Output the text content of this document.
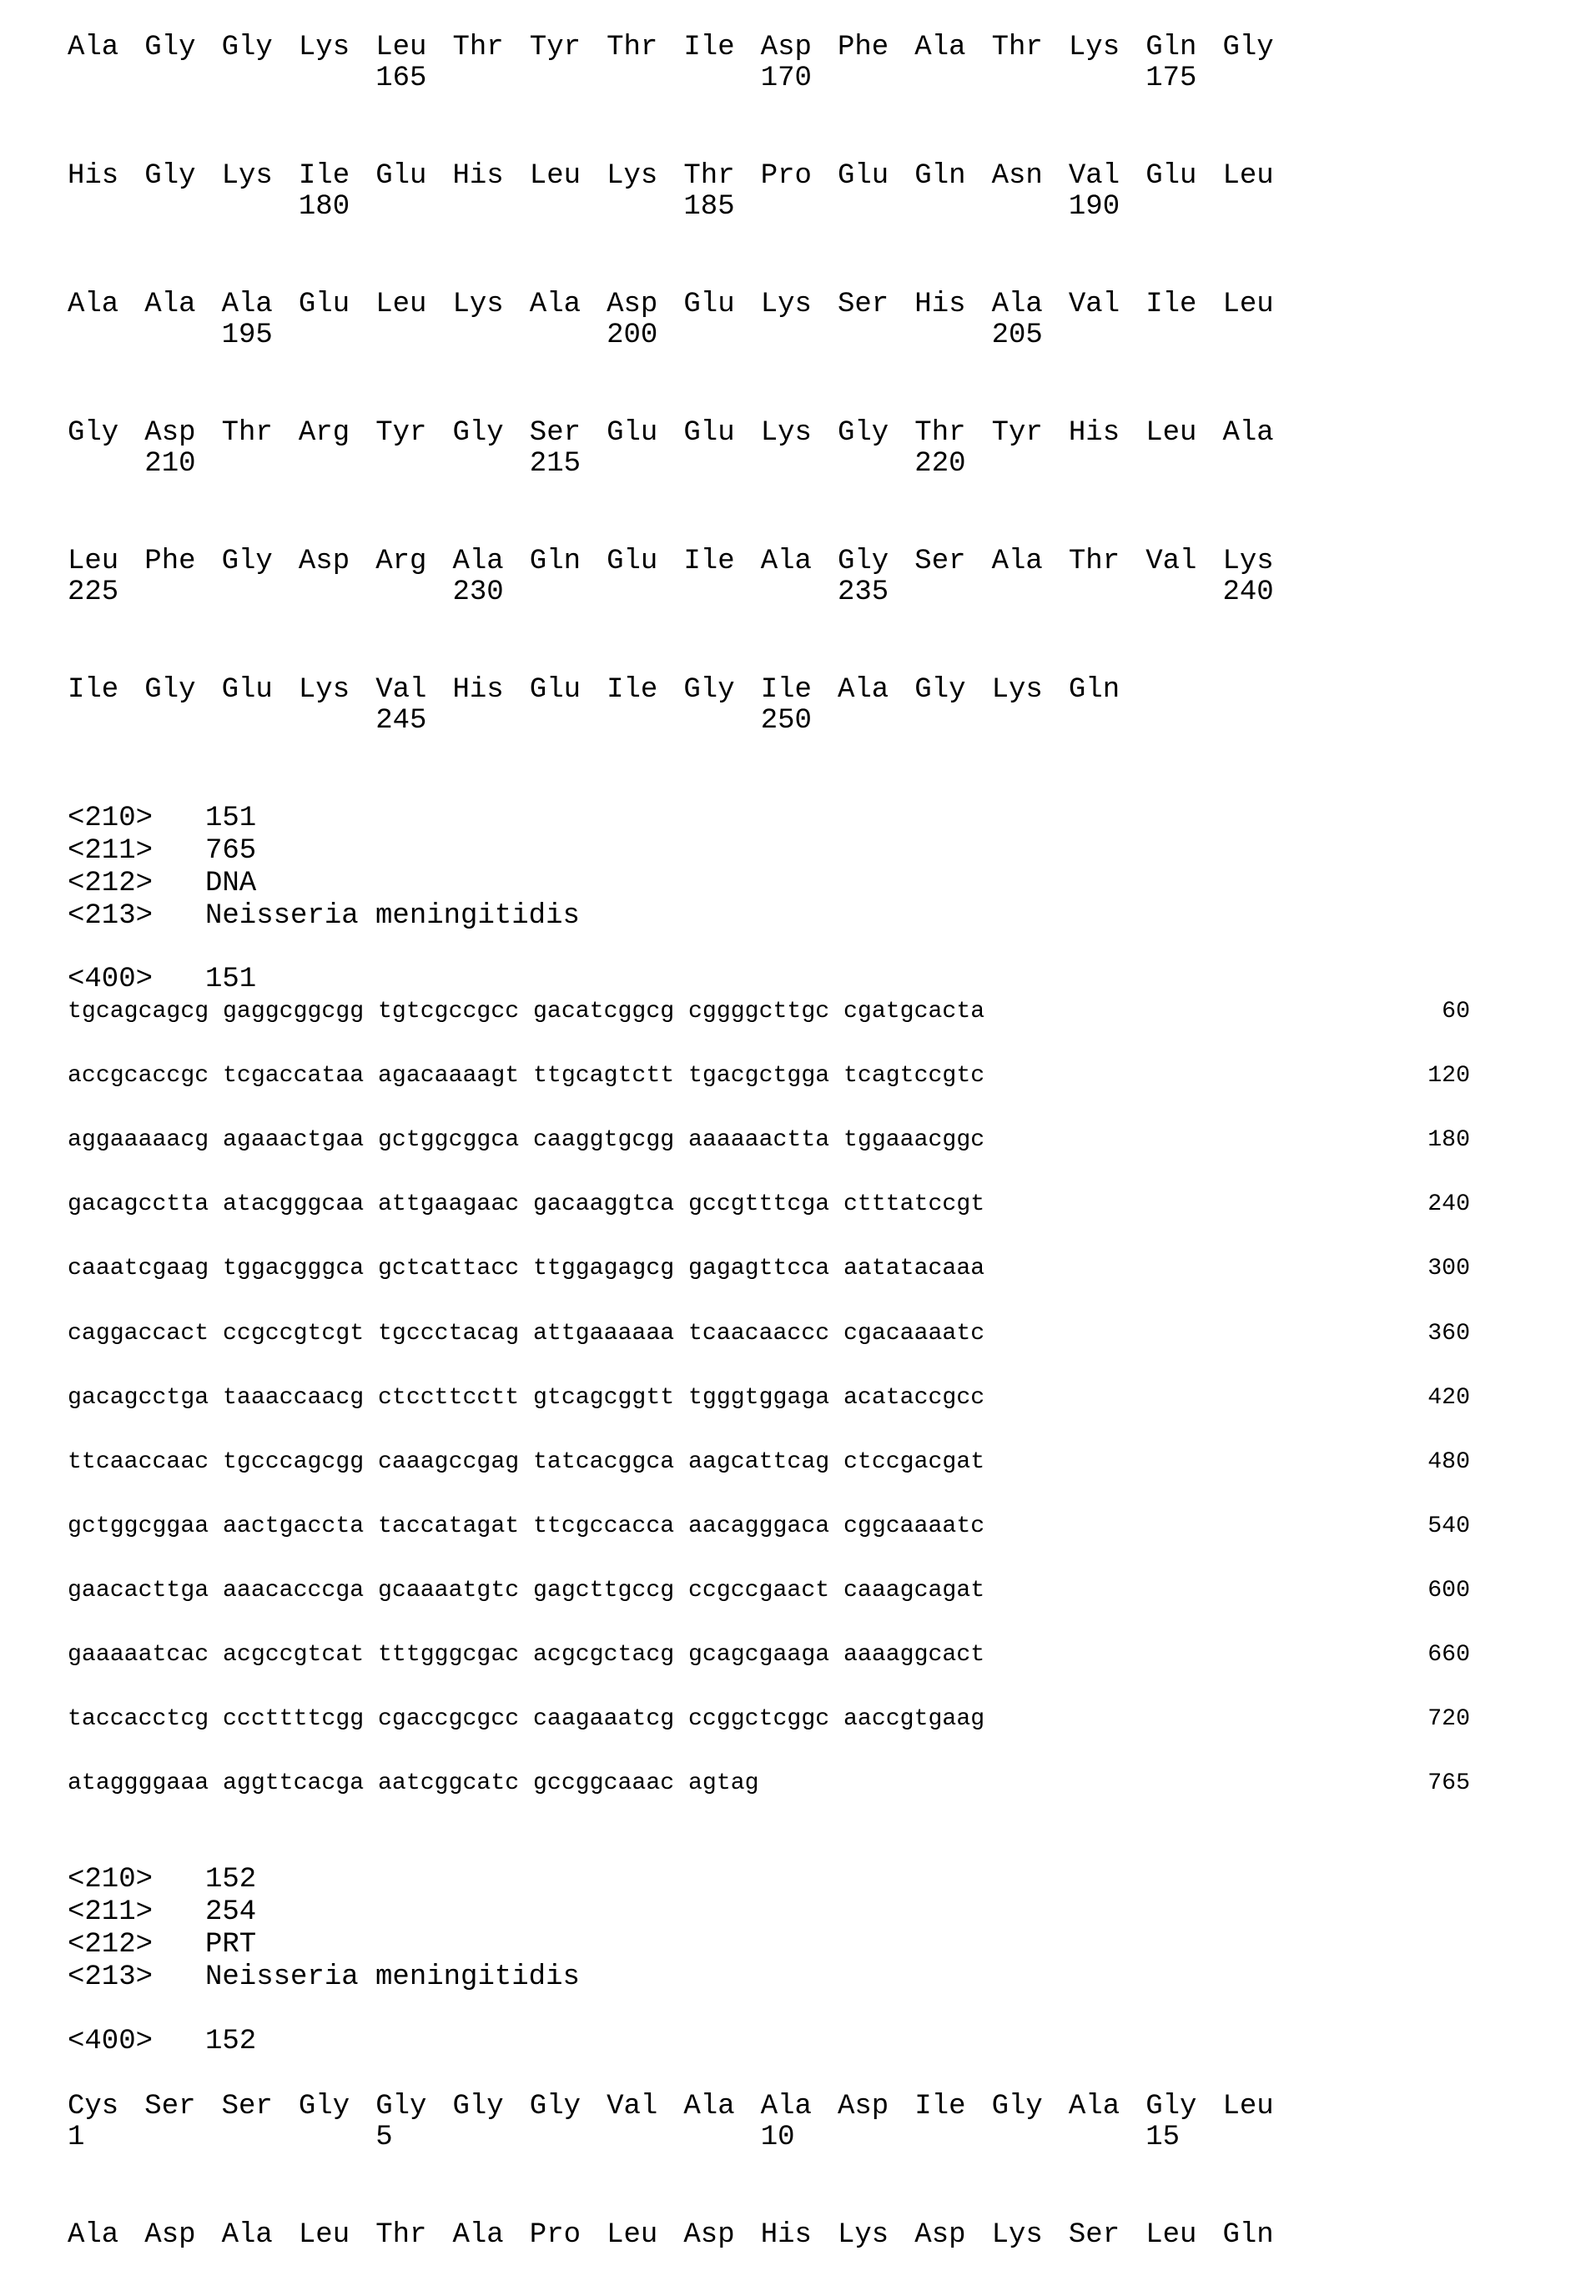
Ala Gly Gly Lys Leu Thr Tyr Thr Ile Asp Phe Ala Thr Lys Gln Gly
165	170	175
His Gly Lys Ile Glu His Leu Lys Thr Pro Glu Gln Asn Val Glu Leu
180	185	190
Ala Ala Ala Glu Leu Lys Ala Asp Glu Lys Ser His Ala Val Ile Leu
195	200	205
Gly Asp Thr Arg Tyr Gly Ser Glu Glu Lys Gly Thr Tyr His Leu Ala
210	215	220
Leu Phe Gly Asp Arg Ala Gln Glu Ile Ala Gly Ser Ala Thr Val Lys
225	230	235	240
Ile Gly Glu Lys Val His Glu Ile Gly Ile Ala Gly Lys Gln
245	250
<210> 151
<211> 765
<212> DNA
<213> Neisseria meningitidis
<400> 151
tgcagcagcg gaggcggcgg tgtcgccgcc gacatcggcg cggggcttgc cgatgcacta	60
accgcaccgc tcgaccataa agacaaaagt ttgcagtctt tgacgctgga tcagtccgtc	120
aggaaaaacg agaaactgaa gctggcggca caaggtgcgg aaaaaactta tggaaacggc	180
gacagcctta atacgggcaa attgaagaac gacaaggtca gccgtttcga ctttatccgt	240
caaatcgaag tggacgggca gctcattacc ttggagagcg gagagttcca aatatacaaa	300
caggaccact ccgccgtcgt tgccctacag attgaaaaaa tcaacaaccc cgacaaaatc	360
gacagcctga taaaccaacg ctccttcctt gtcagcggtt tgggtggaga acataccgcc	420
ttcaaccaac tgcccagcgg caaagccgag tatcacggca aagcattcag ctccgacgat	480
gctggcggaa aactgaccta taccatagat ttcgccacca aacagggaca cggcaaaatc	540
gaacacttga aaacacccga gcaaaatgtc gagcttgccg ccgccgaact caaagcagat	600
gaaaaatcac acgccgtcat tttgggcgac acgcgctacg gcagcgaaga aaaaggcact	660
taccacctcg cccttttcgg cgaccgcgcc caagaaatcg ccggctcggc aaccgtgaag	720
ataggggaaa aggttcacga aatcggcatc gccggcaaac agtag	765
<210> 152
<211> 254
<212> PRT
<213> Neisseria meningitidis
<400> 152
Cys Ser Ser Gly Gly Gly Gly Val Ala Ala Asp Ile Gly Ala Gly Leu
1	5	10	15
Ala Asp Ala Leu Thr Ala Pro Leu Asp His Lys Asp Lys Ser Leu Gln
